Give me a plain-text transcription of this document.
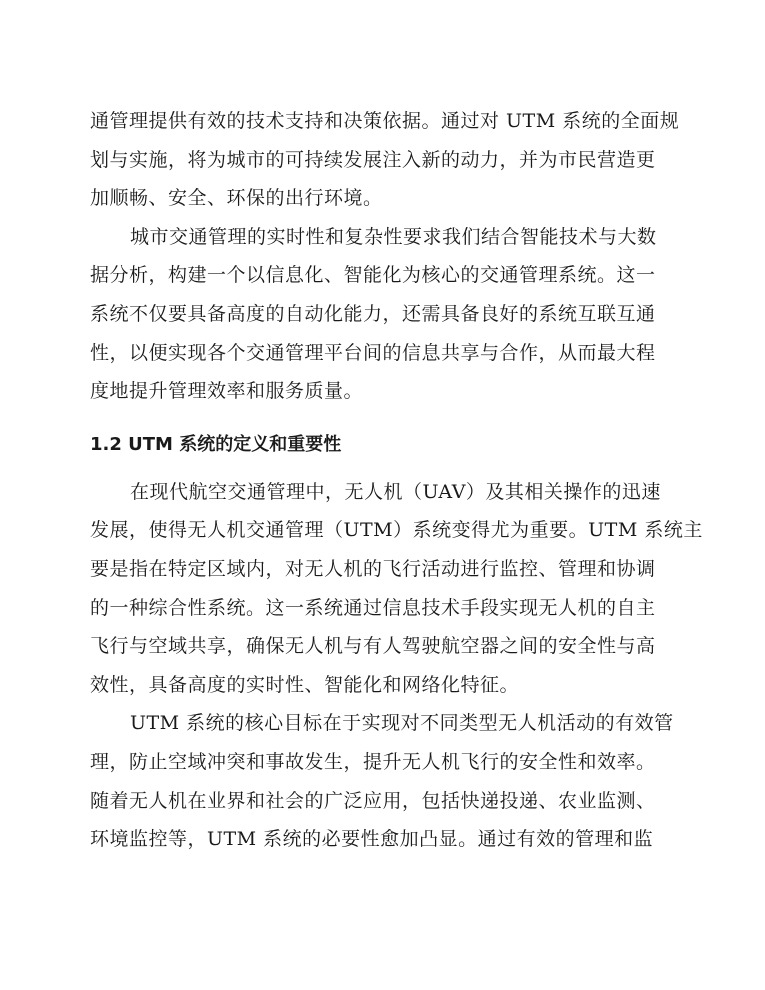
通管理提供有效的技术支持和决策依据。通过对 UTM 系统的全面规
划与实施，将为城市的可持续发展注入新的动力，并为市民营造更
加顺畅、安全、环保的出行环境。
城市交通管理的实时性和复杂性要求我们结合智能技术与大数
据分析，构建一个以信息化、智能化为核心的交通管理系统。这一
系统不仅要具备高度的自动化能力，还需具备良好的系统互联互通
性，以便实现各个交通管理平台间的信息共享与合作，从而最大程
度地提升管理效率和服务质量。
1.2 UTM 系统的定义和重要性
在现代航空交通管理中，无人机（UAV）及其相关操作的迅速
发展，使得无人机交通管理（UTM）系统变得尤为重要。UTM 系统主
要是指在特定区域内，对无人机的飞行活动进行监控、管理和协调
的一种综合性系统。这一系统通过信息技术手段实现无人机的自主
飞行与空域共享，确保无人机与有人驾驶航空器之间的安全性与高
效性，具备高度的实时性、智能化和网络化特征。
UTM 系统的核心目标在于实现对不同类型无人机活动的有效管
理，防止空域冲突和事故发生，提升无人机飞行的安全性和效率。
随着无人机在业界和社会的广泛应用，包括快递投递、农业监测、
环境监控等，UTM 系统的必要性愈加凸显。通过有效的管理和监
